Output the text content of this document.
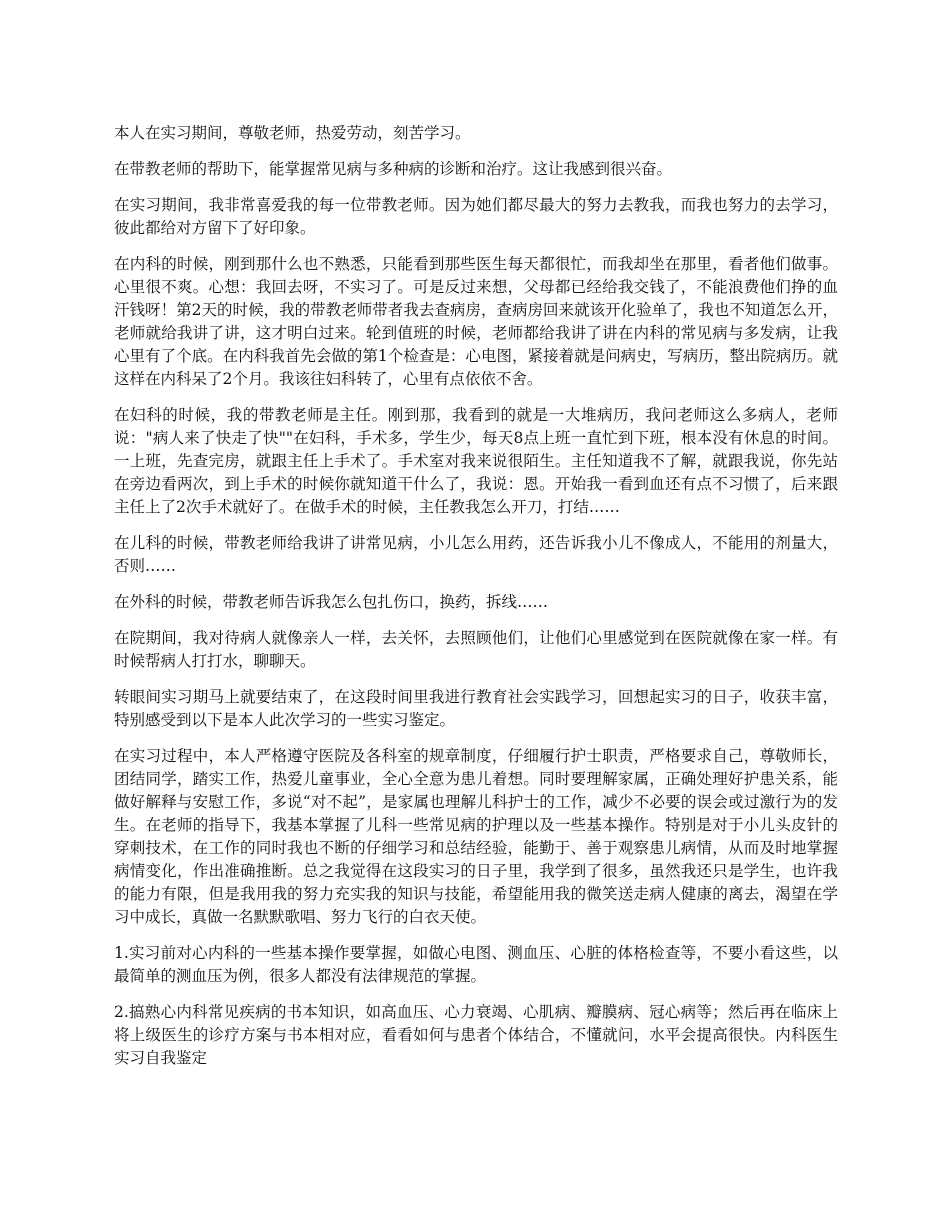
本人在实习期间，尊敬老师，热爱劳动，刻苦学习。

在带教老师的帮助下，能掌握常见病与多种病的诊断和治疗。这让我感到很兴奋。

在实习期间，我非常喜爱我的每一位带教老师。因为她们都尽最大的努力去教我，而我也努力的去学习，彼此都给对方留下了好印象。

在内科的时候，刚到那什么也不熟悉，只能看到那些医生每天都很忙，而我却坐在那里，看者他们做事。心里很不爽。心想：我回去呀，不实习了。可是反过来想，父母都已经给我交钱了，不能浪费他们挣的血汗钱呀！第2天的时候，我的带教老师带者我去查病房，查病房回来就该开化验单了，我也不知道怎么开，老师就给我讲了讲，这才明白过来。轮到值班的时候，老师都给我讲了讲在内科的常见病与多发病，让我心里有了个底。在内科我首先会做的第1个检查是：心电图，紧接着就是问病史，写病历，整出院病历。就这样在内科呆了2个月。我该往妇科转了，心里有点依依不舍。

在妇科的时候，我的带教老师是主任。刚到那，我看到的就是一大堆病历，我问老师这么多病人，老师说："病人来了快走了快""在妇科，手术多，学生少，每天8点上班一直忙到下班，根本没有休息的时间。一上班，先查完房，就跟主任上手术了。手术室对我来说很陌生。主任知道我不了解，就跟我说，你先站在旁边看两次，到上手术的时候你就知道干什么了，我说：恩。开始我一看到血还有点不习惯了，后来跟主任上了2次手术就好了。在做手术的时候，主任教我怎么开刀，打结……

在儿科的时候，带教老师给我讲了讲常见病，小儿怎么用药，还告诉我小儿不像成人，不能用的剂量大，否则……

在外科的时候，带教老师告诉我怎么包扎伤口，换药，拆线……

在院期间，我对待病人就像亲人一样，去关怀，去照顾他们，让他们心里感觉到在医院就像在家一样。有时候帮病人打打水，聊聊天。

转眼间实习期马上就要结束了，在这段时间里我进行教育社会实践学习，回想起实习的日子，收获丰富，特别感受到以下是本人此次学习的一些实习鉴定。

在实习过程中，本人严格遵守医院及各科室的规章制度，仔细履行护士职责，严格要求自己，尊敬师长，团结同学，踏实工作，热爱儿童事业，全心全意为患儿着想。同时要理解家属，正确处理好护患关系，能做好解释与安慰工作，多说“对不起”，是家属也理解儿科护士的工作，减少不必要的误会或过激行为的发生。在老师的指导下，我基本掌握了儿科一些常见病的护理以及一些基本操作。特别是对于小儿头皮针的穿刺技术，在工作的同时我也不断的仔细学习和总结经验，能勤于、善于观察患儿病情，从而及时地掌握病情变化，作出准确推断。总之我觉得在这段实习的日子里，我学到了很多，虽然我还只是学生，也许我的能力有限，但是我用我的努力充实我的知识与技能，希望能用我的微笑送走病人健康的离去，渴望在学习中成长，真做一名默默歌唱、努力飞行的白衣天使。

1.实习前对心内科的一些基本操作要掌握，如做心电图、测血压、心脏的体格检查等，不要小看这些，以最简单的测血压为例，很多人都没有法律规范的掌握。

2.搞熟心内科常见疾病的书本知识，如高血压、心力衰竭、心肌病、瓣膜病、冠心病等；然后再在临床上将上级医生的诊疗方案与书本相对应，看看如何与患者个体结合，不懂就问，水平会提高很快。内科医生实习自我鉴定
